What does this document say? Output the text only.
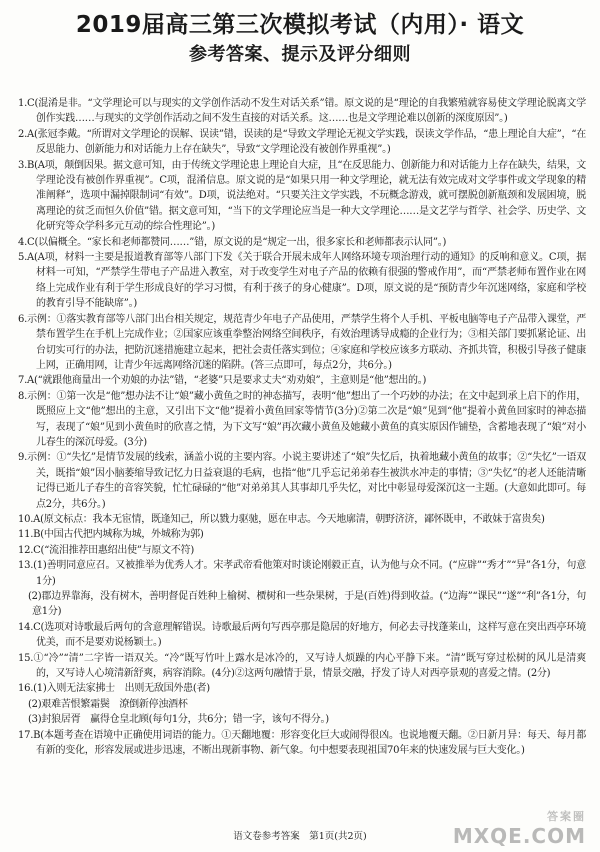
2019届高三第三次模拟考试（内用）· 语文
参考答案、提示及评分细则

1.C(混淆是非。“文学理论可以与现实的文学创作活动不发生对话关系”错。原文说的是“理论的自我繁殖就容易使文学理论脱离文学创作实践……与现实的文学创作活动之间不发生直接的对话关系。这……也是文学理论难以创新的深度原因”。)

2.A(张冠李戴。“所谓对文学理论的误解、误读”错，误读的是“导致文学理论无视文学实践，误读文学作品，“患上理论自大症”，“在反思能力、创新能力和对话能力上存在缺失”，导致“文学理论没有被创作界重视”。)

3.B(A项，颠倒因果。据文意可知，由于传统文学理论患上理论自大症，且“在反思能力、创新能力和对话能力上存在缺失，结果，文学理论没有被创作界重视”。C项，混淆信息。原文说的是“如果只用一种文学理论，就无法有效完成对文学事件或文学现象的精准阐释”，选项中漏掉限制词“有效”。D项，说法绝对。“只要关注文学实践，不玩概念游戏，就可摆脱创新瓶颈和发展困境，脱离理论的贫乏而恒久价值”错。据文意可知，“当下的文学理论应当是一种大文学理论……是文艺学与哲学、社会学、历史学、文化研究等众学科多元互动的综合性理论”。)

4.C(以偏概全。“家长和老师都赞同……”错，原文说的是“规定一出，很多家长和老师都表示认同”。)

5.A(A项，材料一主要是报道教育部等八部门下发《关于联合开展未成年人网络环境专项治理行动的通知》的反响和意义。C项，据材料一可知，“严禁学生带电子产品进入教室，对于改变学生对电子产品的依赖有很强的警戒作用”，而“严禁老师布置作业在网络上完成作业有利于学生形成良好的学习习惯，有利于孩子的身心健康”。D项，原文说的是“预防青少年沉迷网络，家庭和学校的教育引导不能缺席”。)

6.示例：①落实教育部等八部门出台相关规定，规范青少年电子产品使用，严禁学生将个人手机、平板电脑等电子产品带入课堂，严禁布置学生在手机上完成作业；②国家应该重拳整治网络空间秩序，有效治理诱导成瘾的企业行为；③相关部门要抓紧论证、出台切实可行的办法，把防沉迷措施建立起来，把社会责任落实到位；④家庭和学校应该多方联动、齐抓共管，积极引导孩子健康上网，正确用网，让青少年远离网络沉迷的陷阱。(答三点即可，每点2分，共6分。)

7.A(“就跟他商量出一个劝娘的办法”错，“老婆”只是要求丈夫“劝劝娘”，主意则是“他”想出的。)

8.示例：①第一次是“他”想办法不让“娘”藏小黄鱼之时的神态描写，表明“他”想出了一个巧妙的办法；在文中起到承上启下的作用，既照应上文“他”想出的主意，又引出下文“他”提着小黄鱼回家等情节(3分)②第二次是“娘”见到“他”提着小黄鱼回家时的神态描写，表现了“娘”见到小黄鱼时的欣喜之情，为下文写“娘”再次藏小黄鱼及她藏小黄鱼的真实原因作铺垫，含蓄地表现了“娘”对小儿春生的深沉母爱。(3分)

9.示例：①“失忆”是情节发展的线索，涵盖小说的主要内容。小说主要讲述了“娘”失忆后，执着地藏小黄鱼的故事；②“失忆”一语双关，既指“娘”因小脑萎缩导致记忆力日益衰退的毛病，也指“他”几乎忘记弟弟春生被洪水冲走的事情；③“失忆”的老人还能清晰记得已逝儿子春生的音容笑貌，忙忙碌碌的“他”对弟弟其人其事却几乎失忆，对比中彰显母爱深沉这一主题。(大意如此即可。每点2分，共6分。)

10.A(原文标点：我本无宦情，既逢知己，所以戮力驱驰，愿在申志。今天地廓清，朝野济济，鄙怀既申，不敢妹于富贵矣)

11.B(中国古代把内城称为城，外城称为郭)

12.C(“流泪推荐田惠绍出使”与原文不符)

13.(1)善明同意应召。又被推举为优秀人才。宋孝武帝看他策对时谈论刚毅正直，认为他与众不同。(“应辟”“秀才”“异”各1分，句意1分)

(2)郡边界靠海，没有树木，善明督促百姓种上榆树、槚树和一些杂果树，于是(百姓)得到收益。(“边海”“课民”“遂”“利”各1分，句意1分)

14.C(选项对诗歌最后两句的含意理解错误。诗歌最后两句写西亭那是隐居的好地方，何必去寻找蓬莱山，这样写意在突出西亭环境优美，而不是要劝说杨颖士。)

15.①“冷”“清”二字皆一语双关。“冷”既写竹叶上露水是冰冷的，又写诗人烦躁的内心平静下来。“清”既写穿过松树的风儿是清爽的，又写诗人心境清新舒爽，病容消除。(4分)②这两句融情于景，情景交融，抒发了诗人对西亭景观的喜爱之情。(2分)

16.(1)入则无法家拂士　出则无敌国外患(者)

(2)艰难苦恨繁霜鬓　潦倒新停浊酒杯

(3)封狼居胥　赢得仓皇北顾(每句1分，共6分；错一字，该句不得分。)

17.B(本题考查在语境中正确使用词语的能力。①天翻地覆：形容变化巨大或闹得很凶。也说地覆天翻。②日新月异：每天、每月都有新的变化，形容发展或进步迅速，不断出现新事物、新气象。句中想要表现祖国70年来的快速发展与巨大变化。)

语文卷参考答案　第1页(共2页)
答案圈
MXQE.COM
